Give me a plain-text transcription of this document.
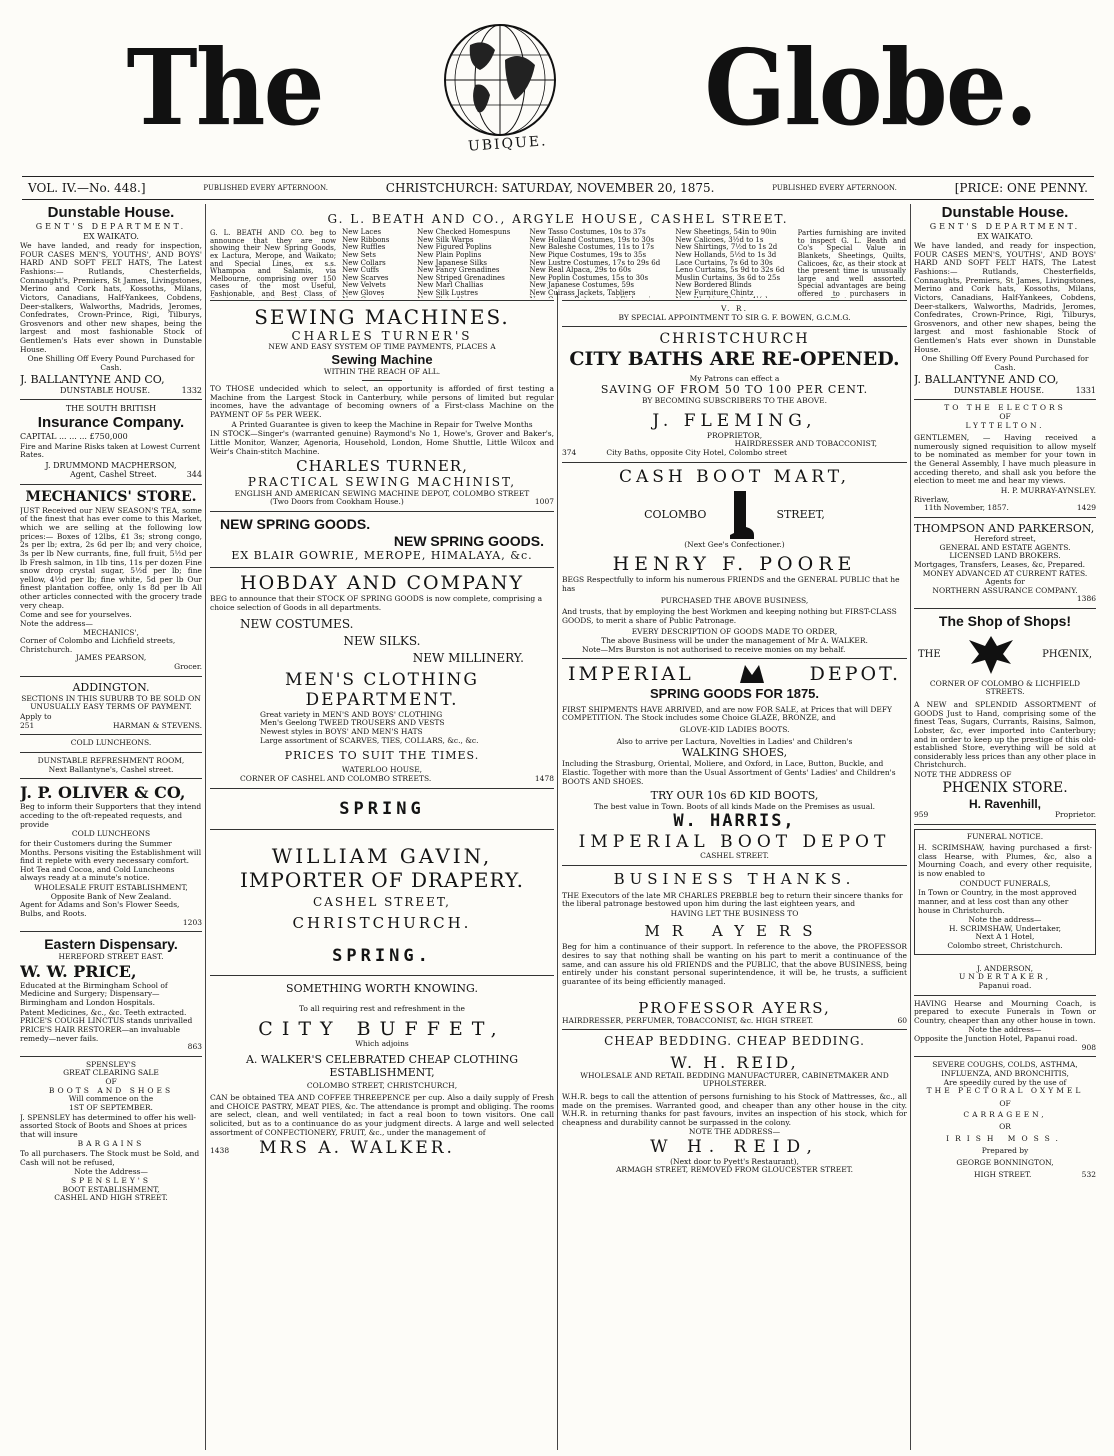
The	UBIQUE. Globe.
VOL. IV.—No. 448.]	PUBLISHED EVERY AFTERNOON.	CHRISTCHURCH: SATURDAY, NOVEMBER 20, 1875.	PUBLISHED EVERY AFTERNOON.	[PRICE: ONE PENNY.
Dunstable House.
GENT'S DEPARTMENT.
EX WAIKATO.

We have landed, and ready for inspection, FOUR CASES MEN'S, YOUTHS', AND BOYS' HARD AND SOFT FELT HATS, The Latest Fashions:— Rutlands, Chesterfields, Connaught's, Premiers, St James, Livingstones, Merino and Cork hats, Kossoths, Milans, Victors, Canadians, Half-Yankees, Cobdens, Deer-stalkers, Walworths, Madrids, Jeromes, Confedrates, Crown-Prince, Rigi, Tilburys, Grosvenors and other new shapes, being the largest and most fashionable Stock of Gentlemen's Hats ever shown in Dunstable House.

One Shilling Off Every Pound Purchased for Cash.
J. BALLANTYNE AND CO,
DUNSTABLE HOUSE.	1332
THE SOUTH BRITISH
Insurance Company.
CAPITAL ... ... ... £750,000

Fire and Marine Risks taken at Lowest Current Rates.

J. DRUMMOND MACPHERSON,
Agent, Cashel Street.	344
MECHANICS' STORE.

JUST Received our NEW SEASON'S TEA, some of the finest that has ever come to this Market, which we are selling at the following low prices:— Boxes of 12lbs, £1 3s; strong congo, 2s per lb; extra, 2s 6d per lb; and very choice, 3s per lb New currants, fine, full fruit, 5½d per lb Fresh salmon, in 1lb tins, 11s per dozen Fine snow drop crystal sugar, 5½d per lb; fine yellow, 4½d per lb; fine white, 5d per lb Our finest plantation coffee, only 1s 8d per lb All other articles connected with the grocery trade very cheap.

Come and see for yourselves.
Note the address—
MECHANICS',
Corner of Colombo and Lichfield streets, Christchurch.
JAMES PEARSON,
Grocer.
ADDINGTON.

SECTIONS IN THIS SUBURB TO BE SOLD ON UNUSUALLY EASY TERMS OF PAYMENT.

Apply to
251	HARMAN & STEVENS.
COLD LUNCHEONS.
DUNSTABLE REFRESHMENT ROOM,
Next Ballantyne's, Cashel street.
J. P. OLIVER & CO,

Beg to inform their Supporters that they intend acceding to the oft-repeated requests, and provide

COLD LUNCHEONS

for their Customers during the Summer Months. Persons visiting the Establishment will find it replete with every necessary comfort. Hot Tea and Cocoa, and Cold Luncheons always ready at a minute's notice.

WHOLESALE FRUIT ESTABLISHMENT,
Opposite Bank of New Zealand.
Agent for Adams and Son's Flower Seeds, Bulbs, and Roots.
1203
Eastern Dispensary.
HEREFORD STREET EAST.
W. W. PRICE,

Educated at the Birmingham School of Medicine and Surgery; Dispensary—Birmingham and London Hospitals.

Patent Medicines, &c., &c. Teeth extracted.
PRICE'S COUGH LINCTUS stands unrivalled
PRICE'S HAIR RESTORER—an invaluable remedy—never fails.
863
SPENSLEY'S
GREAT CLEARING SALE
OF
BOOTS AND SHOES
Will commence on the
1ST OF SEPTEMBER.

J. SPENSLEY has determined to offer his well-assorted Stock of Boots and Shoes at prices that will insure

BARGAINS

To all purchasers. The Stock must be Sold, and Cash will not be refused,

Note the Address—
SPENSLEY'S
BOOT ESTABLISHMENT,
CASHEL AND HIGH STREET.
G. L. BEATH AND CO., ARGYLE HOUSE, CASHEL STREET.

G. L. BEATH AND CO. beg to announce that they are now showing their New Spring Goods, ex Lactura, Merope, and Waikato; and Special Lines, ex s.s. Whampoa and Salamis, via Melbourne, comprising over 150 cases of the most Useful, Fashionable, and Best Class of

New Laces
New Ribbons
New Ruffles
New Sets
New Collars
New Cuffs
New Scarves
New Velvets
New Gloves
New Checked Homespuns
New Silk Warps
New Figured Poplins
New Plain Poplins
New Japanese Silks
New Fancy Grenadines
New Striped Grenadines
New Marl Challias
New Silk Lustres
New Tasso Costumes, 10s to 37s
New Holland Costumes, 19s to 30s
New Baleshe Costumes, 11s to 17s
New Pique Costumes, 19s to 35s
New Lustre Costumes, 17s to 29s 6d
New Real Alpaca, 29s to 60s
New Poplin Costumes, 15s to 30s
New Japanese Costumes, 59s
New Cuirass Jackets, Tabliers
New Sheetings, 54in to 90in
New Calicoes, 3½d to 1s
New Shirtings, 7½d to 1s 2d
New Hollands, 5½d to 1s 3d
Lace Curtains, 7s 6d to 30s
Leno Curtains, 5s 9d to 32s 6d
Muslin Curtains, 3s 6d to 25s
New Bordered Blinds
New Furniture Chintz

Parties furnishing are invited to inspect G. L. Beath and Co's Special Value in Blankets, Sheetings, Quilts, Calicoes, &c, as their stock at the present time is unusually large and well assorted. Special advantages are being offered to purchasers in

SEWING MACHINES.
CHARLES TURNER'S
NEW AND EASY SYSTEM OF TIME PAYMENTS, PLACES A
Sewing Machine
WITHIN THE REACH OF ALL.

TO THOSE undecided which to select, an opportunity is afforded of first testing a Machine from the Largest Stock in Canterbury, while persons of limited but regular incomes, have the advantage of becoming owners of a First-class Machine on the PAYMENT OF 5s PER WEEK.

A Printed Guarantee is given to keep the Machine in Repair for Twelve Months

IN STOCK—Singer's (warranted genuine) Raymond's No 1, Howe's, Grover and Baker's, Little Monitor, Wanzer, Agenoria, Household, London, Home Shuttle, Little Wilcox and Weir's Chain-stitch Machine.

CHARLES TURNER,
PRACTICAL SEWING MACHINIST,
ENGLISH AND AMERICAN SEWING MACHINE DEPOT, COLOMBO STREET
(Two Doors from Cookham House.)	1007
NEW SPRING GOODS.
NEW SPRING GOODS.
EX BLAIR GOWRIE, MEROPE, HIMALAYA, &c.
HOBDAY AND COMPANY

BEG to announce that their STOCK OF SPRING GOODS is now complete, comprising a choice selection of Goods in all departments.

NEW COSTUMES.
NEW SILKS.
NEW MILLINERY.
MEN'S CLOTHING DEPARTMENT.
Great variety in MEN'S AND BOYS' CLOTHING
Men's Geelong TWEED TROUSERS AND VESTS
Newest styles in BOYS' AND MEN'S HATS
Large assortment of SCARVES, TIES, COLLARS, &c., &c.
PRICES TO SUIT THE TIMES.
WATERLOO HOUSE,
CORNER OF CASHEL AND COLOMBO STREETS.	1478
SPRING
WILLIAM GAVIN,
IMPORTER OF DRAPERY.
CASHEL STREET,
CHRISTCHURCH.
SPRING.
SOMETHING WORTH KNOWING.
To all requiring rest and refreshment in the
CITY BUFFET,
Which adjoins
A. WALKER'S CELEBRATED CHEAP CLOTHING ESTABLISHMENT,
COLOMBO STREET, CHRISTCHURCH,

CAN be obtained TEA AND COFFEE THREEPENCE per cup. Also a daily supply of Fresh and CHOICE PASTRY, MEAT PIES, &c. The attendance is prompt and obliging. The rooms are select, clean, and well ventilated; in fact a real boon to town visitors. One call solicited, but as to a continuance do as your judgment directs. A large and well selected assortment of CONFECTIONERY, FRUIT, &c., under the management of

1438 MRS A. WALKER.
V. R.
BY SPECIAL APPOINTMENT TO SIR G. F. BOWEN, G.C.M.G.
CHRISTCHURCH
CITY BATHS ARE RE-OPENED.
My Patrons can effect a
SAVING OF FROM 50 TO 100 PER CENT.
BY BECOMING SUBSCRIBERS TO THE ABOVE.
J. FLEMING,
PROPRIETOR,
HAIRDRESSER AND TOBACCONIST,
374	City Baths, opposite City Hotel, Colombo street
CASH BOOT MART,
COLOMBO	STREET,
(Next Gee's Confectioner.)
HENRY F. POORE

BEGS Respectfully to inform his numerous FRIENDS and the GENERAL PUBLIC that he has

PURCHASED THE ABOVE BUSINESS,

And trusts, that by employing the best Workmen and keeping nothing but FIRST-CLASS GOODS, to merit a share of Public Patronage.

EVERY DESCRIPTION OF GOODS MADE TO ORDER,
The above Business will be under the management of Mr A. WALKER.
Note—Mrs Burston is not authorised to receive monies on my behalf.
IMPERIAL	DEPOT.
SPRING GOODS FOR 1875.

FIRST SHIPMENTS HAVE ARRIVED, and are now FOR SALE, at Prices that will DEFY COMPETITION. The Stock includes some Choice GLAZE, BRONZE, and

GLOVE-KID LADIES BOOTS.
Also to arrive per Lactura, Novelties in Ladies' and Children's
WALKING SHOES,

Including the Strasburg, Oriental, Moliere, and Oxford, in Lace, Button, Buckle, and Elastic. Together with more than the Usual Assortment of Gents' Ladies' and Children's BOOTS AND SHOES.

TRY OUR 10s 6D KID BOOTS,
The best value in Town. Boots of all kinds Made on the Premises as usual.
W. HARRIS,
IMPERIAL BOOT DEPOT
CASHEL STREET.
BUSINESS THANKS.

THE Executors of the late MR CHARLES PREBBLE beg to return their sincere thanks for the liberal patronage bestowed upon him during the last eighteen years, and

HAVING LET THE BUSINESS TO
MR AYERS

Beg for him a continuance of their support. In reference to the above, the PROFESSOR desires to say that nothing shall be wanting on his part to merit a continuance of the same, and can assure his old FRIENDS and the PUBLIC, that the above BUSINESS, being entirely under his constant personal superintendence, it will be, he trusts, a sufficient guarantee of its being efficiently managed.

PROFESSOR AYERS,
HAIRDRESSER, PERFUMER, TOBACCONIST, &c. HIGH STREET.	60
CHEAP BEDDING. CHEAP BEDDING.
W. H. REID,
WHOLESALE AND RETAIL BEDDING MANUFACTURER, CABINETMAKER AND UPHOLSTERER.

W.H.R. begs to call the attention of persons furnishing to his Stock of Mattresses, &c., all made on the premises. Warranted good, and cheaper than any other house in the city. W.H.R. in returning thanks for past favours, invites an inspection of his stock, which for cheapness and durability cannot be surpassed in the colony.

NOTE THE ADDRESS—
W H. REID,
(Next door to Pyett's Restaurant),
ARMAGH STREET, REMOVED FROM GLOUCESTER STREET.
Dunstable House.
GENT'S DEPARTMENT.
EX WAIKATO.

We have landed, and ready for inspection, FOUR CASES MEN'S, YOUTHS', AND BOYS' HARD AND SOFT FELT HATS, The Latest Fashions:— Rutlands, Chesterfields, Connaughts, Premiers, St James, Livingstones, Merino and Cork hats, Kossoths, Milans, Victors, Canadians, Half-Yankees, Cobdens, Deer-stalkers, Walworths, Madrids, Jeromes, Confedrates, Crown-Prince, Rigi, Tilburys, Grosvenors, and other new shapes, being the largest and most fashionable Stock of Gentlemen's Hats ever shown in Dunstable House.

One Shilling Off Every Pound Purchased for Cash.
J. BALLANTYNE AND CO,
DUNSTABLE HOUSE.	1331
TO THE ELECTORS
OF
LYTTELTON.

GENTLEMEN, — Having received a numerously signed requisition to allow myself to be nominated as member for your town in the General Assembly, I have much pleasure in acceding thereto, and shall ask you before the election to meet me and hear my views.

H. P. MURRAY-AYNSLEY.
Riverlaw,
11th November, 1857.	1429
THOMPSON AND PARKERSON,
Hereford street,
GENERAL AND ESTATE AGENTS.
LICENSED LAND BROKERS.
Mortgages, Transfers, Leases, &c, Prepared.
MONEY ADVANCED AT CURRENT RATES.
Agents for
NORTHERN ASSURANCE COMPANY.
1386
The Shop of Shops!
THE	PHŒNIX,
CORNER OF COLOMBO & LICHFIELD STREETS.

A NEW and SPLENDID ASSORTMENT of GOODS Just to Hand, comprising some of the finest Teas, Sugars, Currants, Raisins, Salmon, Lobster, &c, ever imported into Canterbury; and in order to keep up the prestige of this old-established Store, everything will be sold at considerably less prices than any other place in Christchurch.

NOTE THE ADDRESS OF
PHŒNIX STORE.
H. Ravenhill,
959	Proprietor.
FUNERAL NOTICE.

H. SCRIMSHAW, having purchased a first-class Hearse, with Plumes, &c, also a Mourning Coach, and every other requisite, is now enabled to

CONDUCT FUNERALS,

In Town or Country, in the most approved manner, and at less cost than any other house in Christchurch.

Note the address—
H. SCRIMSHAW, Undertaker,
Next A 1 Hotel,
Colombo street, Christchurch.
J. ANDERSON,
UNDERTAKER,
Papanui road.

HAVING Hearse and Mourning Coach, is prepared to execute Funerals in Town or Country, cheaper than any other house in town.

Note the address—
Opposite the Junction Hotel, Papanui road.
908
SEVERE COUGHS, COLDS, ASTHMA, INFLUENZA, AND BRONCHITIS,
Are speedily cured by the use of
THE PECTORAL OXYMEL
OF
CARRAGEEN,
OR
IRISH MOSS.
Prepared by
GEORGE BONNINGTON,
HIGH STREET.	532
